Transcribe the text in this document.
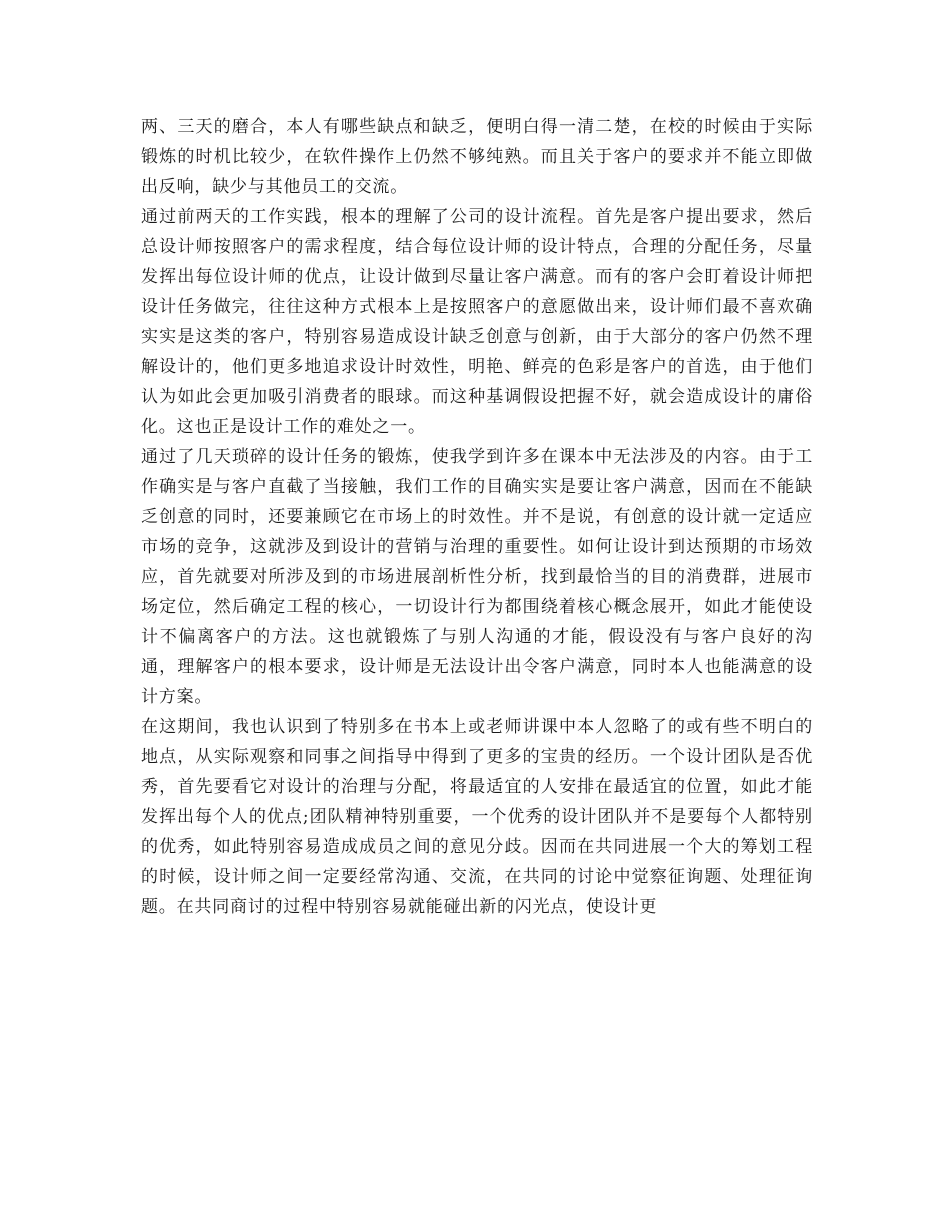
两、三天的磨合，本人有哪些缺点和缺乏，便明白得一清二楚，在校的时候由于实际锻炼的时机比较少，在软件操作上仍然不够纯熟。而且关于客户的要求并不能立即做出反响，缺少与其他员工的交流。

通过前两天的工作实践，根本的理解了公司的设计流程。首先是客户提出要求，然后总设计师按照客户的需求程度，结合每位设计师的设计特点，合理的分配任务，尽量发挥出每位设计师的优点，让设计做到尽量让客户满意。而有的客户会盯着设计师把设计任务做完，往往这种方式根本上是按照客户的意愿做出来，设计师们最不喜欢确实实是这类的客户，特别容易造成设计缺乏创意与创新，由于大部分的客户仍然不理解设计的，他们更多地追求设计时效性，明艳、鲜亮的色彩是客户的首选，由于他们认为如此会更加吸引消费者的眼球。而这种基调假设把握不好，就会造成设计的庸俗化。这也正是设计工作的难处之一。

通过了几天琐碎的设计任务的锻炼，使我学到许多在课本中无法涉及的内容。由于工作确实是与客户直截了当接触，我们工作的目确实实是要让客户满意，因而在不能缺乏创意的同时，还要兼顾它在市场上的时效性。并不是说，有创意的设计就一定适应市场的竞争，这就涉及到设计的营销与治理的重要性。如何让设计到达预期的市场效应，首先就要对所涉及到的市场进展剖析性分析，找到最恰当的目的消费群，进展市场定位，然后确定工程的核心，一切设计行为都围绕着核心概念展开，如此才能使设计不偏离客户的方法。这也就锻炼了与别人沟通的才能，假设没有与客户良好的沟通，理解客户的根本要求，设计师是无法设计出令客户满意，同时本人也能满意的设计方案。

在这期间，我也认识到了特别多在书本上或老师讲课中本人忽略了的或有些不明白的地点，从实际观察和同事之间指导中得到了更多的宝贵的经历。一个设计团队是否优秀，首先要看它对设计的治理与分配，将最适宜的人安排在最适宜的位置，如此才能发挥出每个人的优点;团队精神特别重要，一个优秀的设计团队并不是要每个人都特别的优秀，如此特别容易造成成员之间的意见分歧。因而在共同进展一个大的筹划工程的时候，设计师之间一定要经常沟通、交流，在共同的讨论中觉察征询题、处理征询题。在共同商讨的过程中特别容易就能碰出新的闪光点，使设计更
